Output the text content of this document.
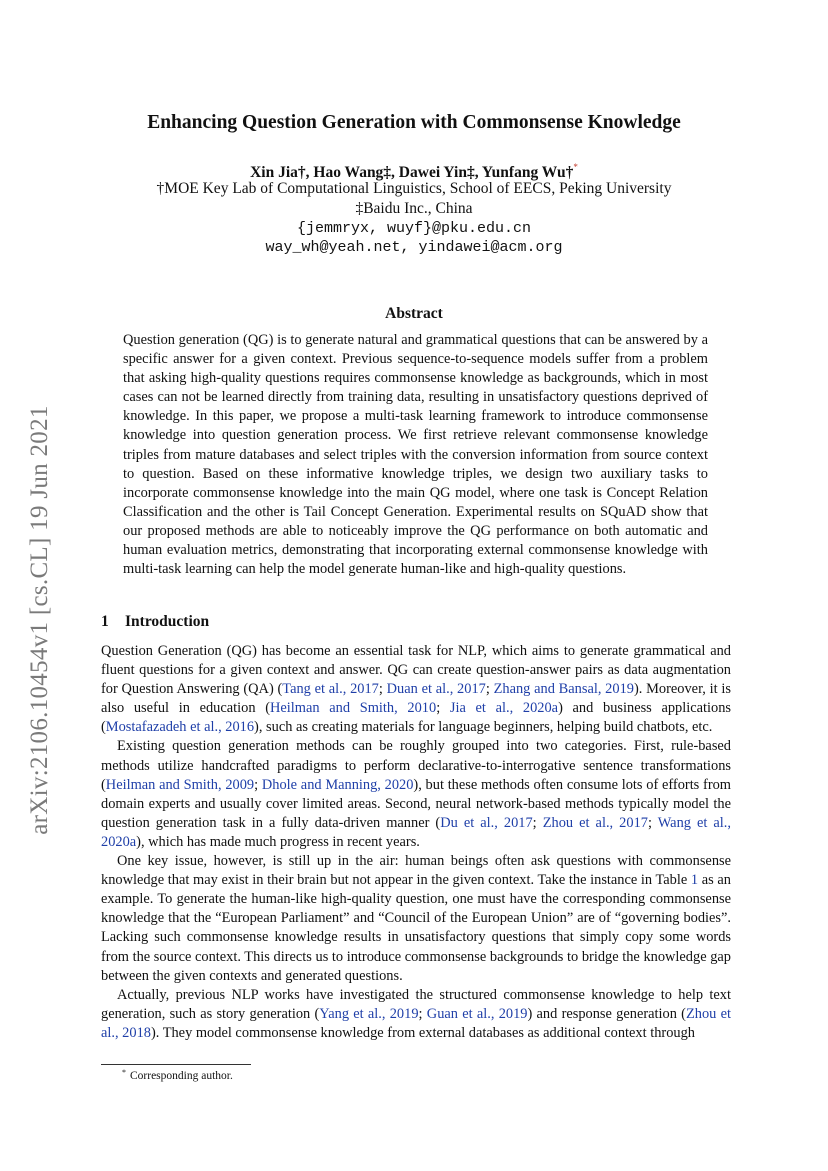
arXiv:2106.10454v1 [cs.CL] 19 Jun 2021
Enhancing Question Generation with Commonsense Knowledge
Xin Jia†, Hao Wang‡, Dawei Yin‡, Yunfang Wu†*
†MOE Key Lab of Computational Linguistics, School of EECS, Peking University
‡Baidu Inc., China
{jemmryx, wuyf}@pku.edu.cn
way_wh@yeah.net, yindawei@acm.org
Abstract
Question generation (QG) is to generate natural and grammatical questions that can be answered by a specific answer for a given context. Previous sequence-to-sequence models suffer from a problem that asking high-quality questions requires commonsense knowledge as backgrounds, which in most cases can not be learned directly from training data, resulting in unsatisfactory questions deprived of knowledge. In this paper, we propose a multi-task learning framework to introduce commonsense knowledge into question generation process. We first retrieve relevant commonsense knowledge triples from mature databases and select triples with the conversion information from source context to question. Based on these informative knowledge triples, we design two auxiliary tasks to incorporate commonsense knowledge into the main QG model, where one task is Concept Relation Classification and the other is Tail Concept Generation. Experimental results on SQuAD show that our proposed methods are able to noticeably improve the QG performance on both automatic and human evaluation metrics, demonstrating that incorporating external commonsense knowledge with multi-task learning can help the model generate human-like and high-quality questions.
1 Introduction

Question Generation (QG) has become an essential task for NLP, which aims to generate grammatical and fluent questions for a given context and answer. QG can create question-answer pairs as data augmentation for Question Answering (QA) (Tang et al., 2017; Duan et al., 2017; Zhang and Bansal, 2019). Moreover, it is also useful in education (Heilman and Smith, 2010; Jia et al., 2020a) and business applications (Mostafazadeh et al., 2016), such as creating materials for language beginners, helping build chatbots, etc.

Existing question generation methods can be roughly grouped into two categories. First, rule-based methods utilize handcrafted paradigms to perform declarative-to-interrogative sentence transformations (Heilman and Smith, 2009; Dhole and Manning, 2020), but these methods often consume lots of efforts from domain experts and usually cover limited areas. Second, neural network-based methods typically model the question generation task in a fully data-driven manner (Du et al., 2017; Zhou et al., 2017; Wang et al., 2020a), which has made much progress in recent years.

One key issue, however, is still up in the air: human beings often ask questions with commonsense knowledge that may exist in their brain but not appear in the given context. Take the instance in Table 1 as an example. To generate the human-like high-quality question, one must have the corresponding commonsense knowledge that the “European Parliament” and “Council of the European Union” are of “governing bodies”. Lacking such commonsense knowledge results in unsatisfactory questions that simply copy some words from the source context. This directs us to introduce commonsense backgrounds to bridge the knowledge gap between the given contexts and generated questions.

Actually, previous NLP works have investigated the structured commonsense knowledge to help text generation, such as story generation (Yang et al., 2019; Guan et al., 2019) and response generation (Zhou et al., 2018). They model commonsense knowledge from external databases as additional context through

* Corresponding author.
